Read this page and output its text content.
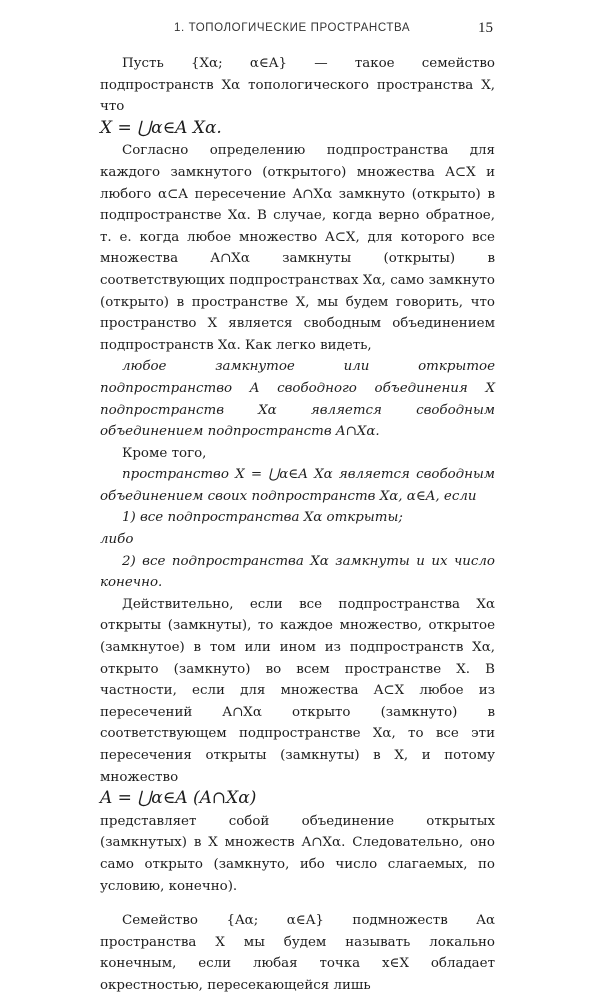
1. ТОПОЛОГИЧЕСКИЕ ПРОСТРАНСТВА	15

Пусть {Xα; α∈A} — такое семейство подпространств Xα топологического пространства X, что

X = ⋃α∈A Xα.

Согласно определению подпространства для каждого замкнутого (открытого) множества A⊂X и любого α⊂A пересечение A∩Xα замкнуто (открыто) в подпространстве Xα. В случае, когда верно обратное, т. е. когда любое множество A⊂X, для которого все множества A∩Xα замкнуты (открыты) в соответствующих подпространствах Xα, само замкнуто (открыто) в пространстве X, мы будем говорить, что пространство X является свободным объединением подпространств Xα. Как легко видеть,

любое замкнутое или открытое подпространство A свободного объединения X подпространств Xα является свободным объединением подпространств A∩Xα.

Кроме того,

пространство X = ⋃α∈A Xα является свободным объединением своих подпространств Xα, α∈A, если

1) все подпространства Xα открыты;

либо

2) все подпространства Xα замкнуты и их число конечно.

Действительно, если все подпространства Xα открыты (замкнуты), то каждое множество, открытое (замкнутое) в том или ином из подпространств Xα, открыто (замкнуто) во всем пространстве X. В частности, если для множества A⊂X любое из пересечений A∩Xα открыто (замкнуто) в соответствующем подпространстве Xα, то все эти пересечения открыты (замкнуты) в X, и потому множество

A = ⋃α∈A (A∩Xα)

представляет собой объединение открытых (замкнутых) в X множеств A∩Xα. Следовательно, оно само открыто (замкнуто, ибо число слагаемых, по условию, конечно).

Семейство {Aα; α∈A} подмножеств Aα пространства X мы будем называть локально конечным, если любая точка x∈X обладает окрестностью, пересекающейся лишь
